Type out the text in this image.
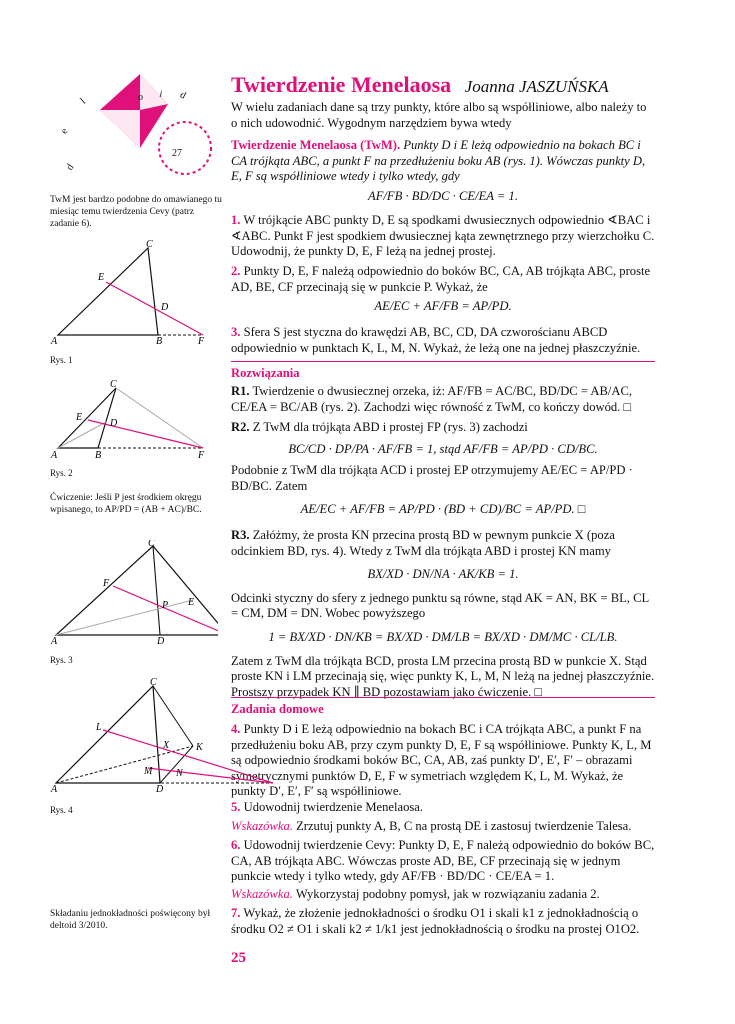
d
e
l	o i d
27
Twierdzenie Menelaosa Joanna JASZUŃSKA

W wielu zadaniach dane są trzy punkty, które albo są współliniowe, albo należy to o nich udowodnić. Wygodnym narzędziem bywa wtedy

Twierdzenie Menelaosa (TwM). Punkty D i E leżą odpowiednio na bokach BC i CA trójkąta ABC, a punkt F na przedłużeniu boku AB (rys. 1). Wówczas punkty D, E, F są współliniowe wtedy i tylko wtedy, gdy

AF/FB · BD/DC · CE/EA = 1.

1. W trójkącie ABC punkty D, E są spodkami dwusiecznych odpowiednio ∢BAC i ∢ABC. Punkt F jest spodkiem dwusiecznej kąta zewnętrznego przy wierzchołku C. Udowodnij, że punkty D, E, F leżą na jednej prostej.

2. Punkty D, E, F należą odpowiednio do boków BC, CA, AB trójkąta ABC, proste AD, BE, CF przecinają się w punkcie P. Wykaż, że

AE/EC + AF/FB = AP/PD.

3. Sfera S jest styczna do krawędzi AB, BC, CD, DA czworościanu ABCD odpowiednio w punktach K, L, M, N. Wykaż, że leżą one na jednej płaszczyźnie.

Rozwiązania

R1. Twierdzenie o dwusiecznej orzeka, iż: AF/FB = AC/BC, BD/DC = AB/AC, CE/EA = BC/AB (rys. 2). Zachodzi więc równość z TwM, co kończy dowód. □

R2. Z TwM dla trójkąta ABD i prostej FP (rys. 3) zachodzi

BC/CD · DP/PA · AF/FB = 1, stąd AF/FB = AP/PD · CD/BC.

Podobnie z TwM dla trójkąta ACD i prostej EP otrzymujemy AE/EC = AP/PD · BD/BC. Zatem

AE/EC + AF/FB = AP/PD · (BD + CD)/BC = AP/PD. □

R3. Załóżmy, że prosta KN przecina prostą BD w pewnym punkcie X (poza odcinkiem BD, rys. 4). Wtedy z TwM dla trójkąta ABD i prostej KN mamy

BX/XD · DN/NA · AK/KB = 1.

Odcinki styczny do sfery z jednego punktu są równe, stąd AK = AN, BK = BL, CL = CM, DM = DN. Wobec powyższego

1 = BX/XD · DN/KB = BX/XD · DM/LB = BX/XD · DM/MC · CL/LB.

Zatem z TwM dla trójkąta BCD, prosta LM przecina prostą BD w punkcie X. Stąd proste KN i LM przecinają się, więc punkty K, L, M, N leżą na jednej płaszczyźnie. Prostszy przypadek KN ∥ BD pozostawiam jako ćwiczenie. □

Zadania domowe

4. Punkty D i E leżą odpowiednio na bokach BC i CA trójkąta ABC, a punkt F na przedłużeniu boku AB, przy czym punkty D, E, F są współliniowe. Punkty K, L, M są odpowiednio środkami boków BC, CA, AB, zaś punkty D′, E′, F′ – obrazami symetrycznymi punktów D, E, F w symetriach względem K, L, M. Wykaż, że punkty D′, E′, F′ są współliniowe.

5. Udowodnij twierdzenie Menelaosa.

Wskazówka. Zrzutuj punkty A, B, C na prostą DE i zastosuj twierdzenie Talesa.

6. Udowodnij twierdzenie Cevy: Punkty D, E, F należą odpowiednio do boków BC, CA, AB trójkąta ABC. Wówczas proste AD, BE, CF przecinają się w jednym punkcie wtedy i tylko wtedy, gdy AF/FB · BD/DC · CE/EA = 1.

Wskazówka. Wykorzystaj podobny pomysł, jak w rozwiązaniu zadania 2.

7. Wykaż, że złożenie jednokładności o środku O1 i skali k1 z jednokładnością o środku O2 ≠ O1 i skali k2 ≠ 1/k1 jest jednokładnością o środku na prostej O1O2.

25
TwM jest bardzo podobne do omawianego tu miesiąc temu twierdzenia Cevy (patrz zadanie 6).
A	B
C
D
E
F
Rys. 1
A	B
C
D
E
F
Rys. 2
Ćwiczenie: Jeśli P jest środkiem okręgu wpisanego, to AP/PD = (AB + AC)/BC.
A	D
C
E
F
P
Rys. 3
A	D
C
K
L
M N
X
Rys. 4
Składaniu jednokładności poświęcony był deltoid 3/2010.
